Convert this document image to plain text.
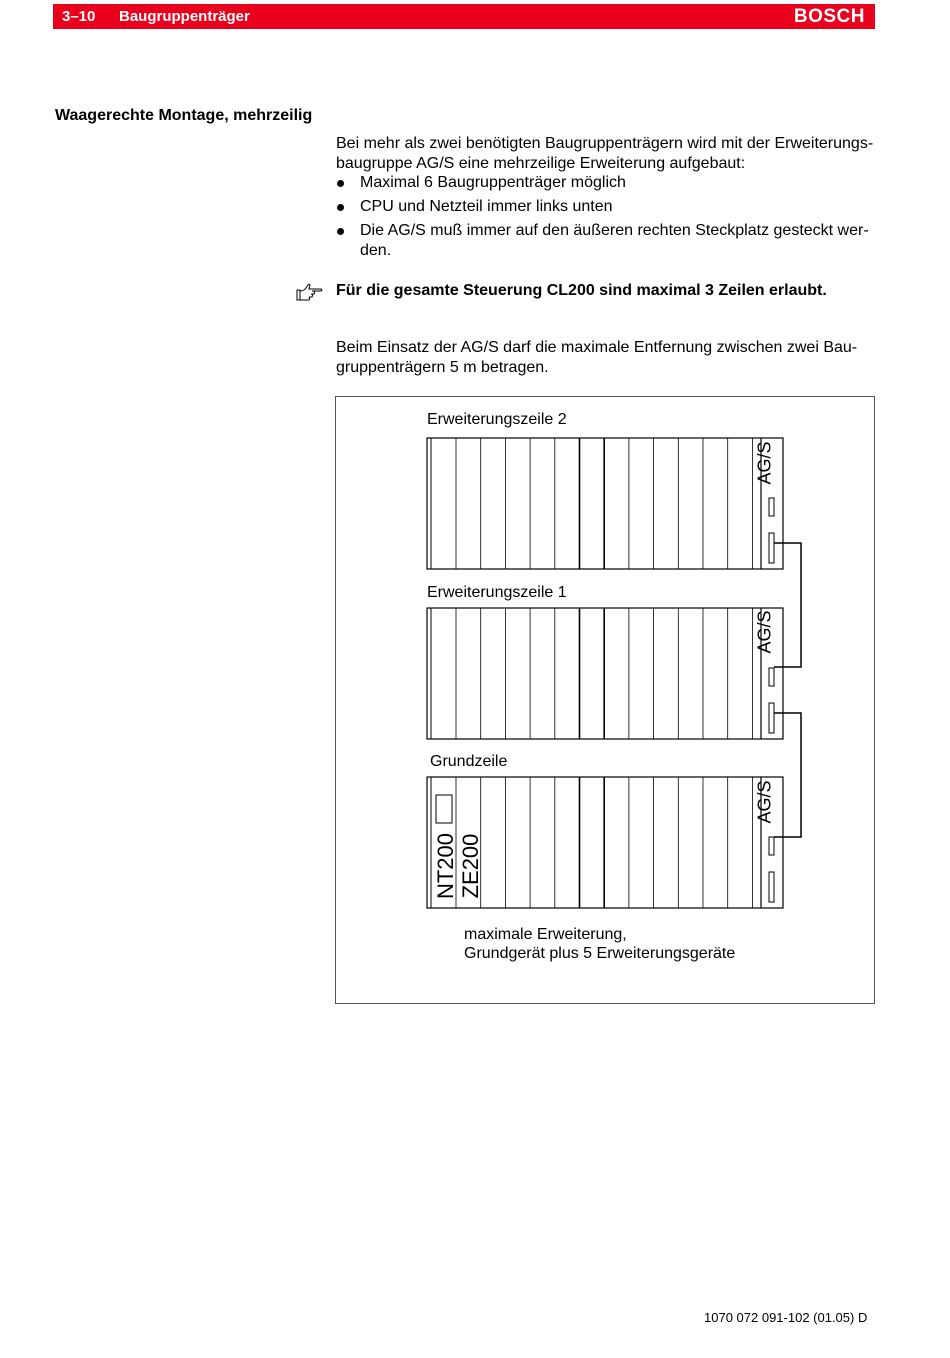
3–10 Baugruppenträger	BOSCH
Waagerechte Montage, mehrzeilig

Bei mehr als zwei benötigten Baugruppenträgern wird mit der Erweiterungs-
baugruppe AG/S eine mehrzeilige Erweiterung aufgebaut:

Maximal 6 Baugruppenträger möglich
CPU und Netzteil immer links unten
Die AG/S muß immer auf den äußeren rechten Steckplatz gesteckt wer-den.
Für die gesamte Steuerung CL200 sind maximal 3 Zeilen erlaubt.

Beim Einsatz der AG/S darf die maximale Entfernung zwischen zwei Bau-
gruppenträgern 5 m betragen.

Erweiterungszeile 2
Erweiterungszeile 1
Grundzeile
AG/S
AG/S
AG/S
NT200 ZE200
maximale Erweiterung,
Grundgerät plus 5 Erweiterungsgeräte
1070 072 091-102 (01.05) D
